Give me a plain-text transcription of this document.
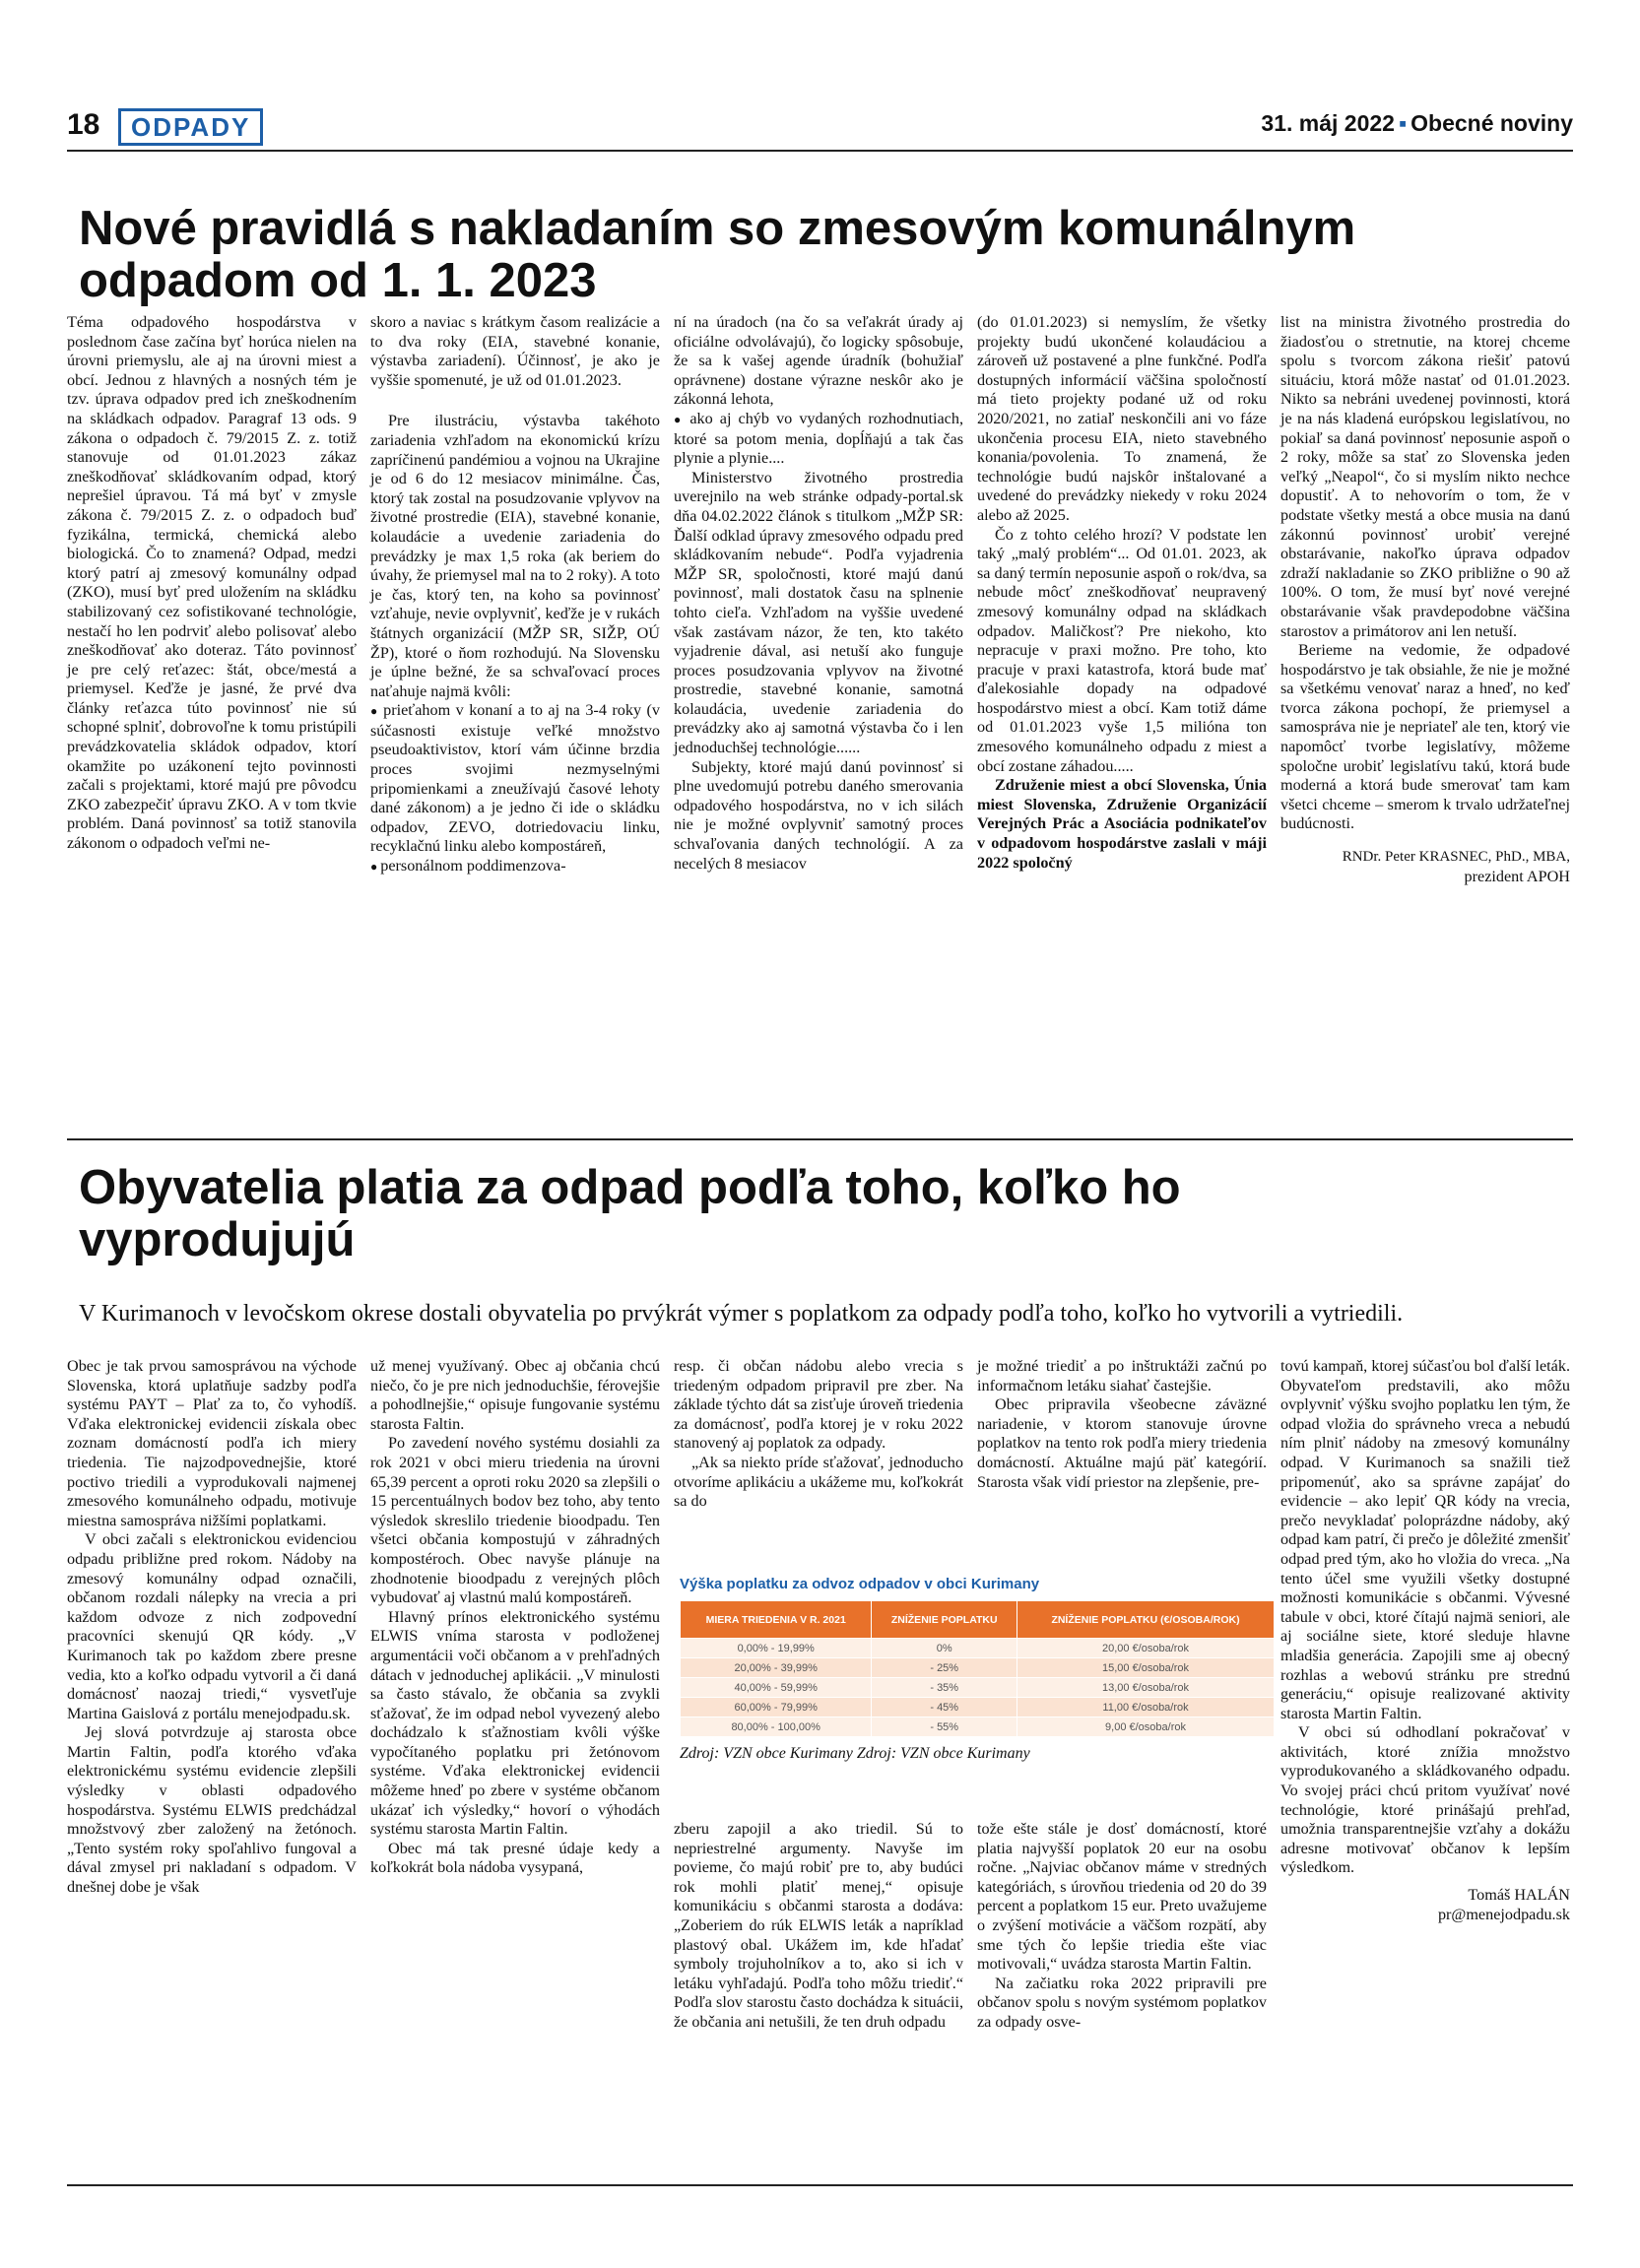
18	ODPADY	31. máj 2022 ▪ Obecné noviny
Nové pravidlá s nakladaním so zmesovým komunálnym
odpadom od 1. 1. 2023

Téma odpadového hospodárstva v poslednom čase začína byť horúca nielen na úrovni priemyslu, ale aj na úrovni miest a obcí. Jednou z hlavných a nosných tém je tzv. úprava odpadov pred ich zneškodnením na skládkach odpadov. Paragraf 13 ods. 9 zákona o odpadoch č. 79/2015 Z. z. totiž stanovuje od 01.01.2023 zákaz zneškodňovať skládkovaním odpad, ktorý neprešiel úpravou. Tá má byť v zmysle zákona č. 79/2015 Z. z. o odpadoch buď fyzikálna, termická, chemická alebo biologická. Čo to znamená? Odpad, medzi ktorý patrí aj zmesový komunálny odpad (ZKO), musí byť pred uložením na skládku stabilizovaný cez sofistikované technológie, nestačí ho len podrviť alebo polisovať alebo zneškodňovať ako doteraz. Táto povinnosť je pre celý reťazec: štát, obce/mestá a priemysel. Keďže je jasné, že prvé dva články reťazca túto povinnosť nie sú schopné splniť, dobrovoľne k tomu pristúpili prevádzkovatelia skládok odpadov, ktorí okamžite po uzákonení tejto povinnosti začali s projektami, ktoré majú pre pôvodcu ZKO zabezpečiť úpravu ZKO. A v tom tkvie problém. Daná povinnosť sa totiž stanovila zákonom o odpadoch veľmi ne-

skoro a naviac s krátkym časom realizácie a to dva roky (EIA, stavebné konanie, výstavba zariadení). Účinnosť, je ako je vyššie spomenuté, je už od 01.01.2023.

Pre ilustráciu, výstavba takéhoto zariadenia vzhľadom na ekonomickú krízu zapríčinenú pandémiou a vojnou na Ukrajine je od 6 do 12 mesiacov minimálne. Čas, ktorý tak zostal na posudzovanie vplyvov na životné prostredie (EIA), stavebné konanie, kolaudácie a uvedenie zariadenia do prevádzky je max 1,5 roka (ak beriem do úvahy, že priemysel mal na to 2 roky). A toto je čas, ktorý ten, na koho sa povinnosť vzťahuje, nevie ovplyvniť, keďže je v rukách štátnych organizácií (MŽP SR, SIŽP, OÚ ŽP), ktoré o ňom rozhodujú. Na Slovensku je úplne bežné, že sa schvaľovací proces naťahuje najmä kvôli:

● prieťahom v konaní a to aj na 3-4 roky (v súčasnosti existuje veľké množstvo pseudoaktivistov, ktorí vám účinne brzdia proces svojimi nezmyselnými pripomienkami a zneužívajú časové lehoty dané zákonom) a je jedno či ide o skládku odpadov, ZEVO, dotriedovaciu linku, recyklačnú linku alebo kompostáreň,

● personálnom poddimenzova-

ní na úradoch (na čo sa veľakrát úrady aj oficiálne odvolávajú), čo logicky spôsobuje, že sa k vašej agende úradník (bohužiaľ oprávnene) dostane výrazne neskôr ako je zákonná lehota,

● ako aj chýb vo vydaných rozhodnutiach, ktoré sa potom menia, dopĺňajú a tak čas plynie a plynie....

Ministerstvo životného prostredia uverejnilo na web stránke odpady-portal.sk dňa 04.02.2022 článok s titulkom „MŽP SR: Ďalší odklad úpravy zmesového odpadu pred skládkovaním nebude“. Podľa vyjadrenia MŽP SR, spoločnosti, ktoré majú danú povinnosť, mali dostatok času na splnenie tohto cieľa. Vzhľadom na vyššie uvedené však zastávam názor, že ten, kto takéto vyjadrenie dával, asi netuší ako funguje proces posudzovania vplyvov na životné prostredie, stavebné konanie, samotná kolaudácia, uvedenie zariadenia do prevádzky ako aj samotná výstavba čo i len jednoduchšej technológie......

Subjekty, ktoré majú danú povinnosť si plne uvedomujú potrebu daného smerovania odpadového hospodárstva, no v ich silách nie je možné ovplyvniť samotný proces schvaľovania daných technológií. A za necelých 8 mesiacov

(do 01.01.2023) si nemyslím, že všetky projekty budú ukončené kolaudáciou a zároveň už postavené a plne funkčné. Podľa dostupných informácií väčšina spoločností má tieto projekty podané už od roku 2020/2021, no zatiaľ neskončili ani vo fáze ukončenia procesu EIA, nieto stavebného konania/povolenia. To znamená, že technológie budú najskôr inštalované a uvedené do prevádzky niekedy v roku 2024 alebo až 2025.

Čo z tohto celého hrozí? V podstate len taký „malý problém“... Od 01.01. 2023, ak sa daný termín neposunie aspoň o rok/dva, sa nebude môcť zneškodňovať neupravený zmesový komunálny odpad na skládkach odpadov. Maličkosť? Pre niekoho, kto nepracuje v praxi možno. Pre toho, kto pracuje v praxi katastrofa, ktorá bude mať ďalekosiahle dopady na odpadové hospodárstvo miest a obcí. Kam totiž dáme od 01.01.2023 vyše 1,5 milióna ton zmesového komunálneho odpadu z miest a obcí zostane záhadou.....

Združenie miest a obcí Slovenska, Únia miest Slovenska, Združenie Organizácií Verejných Prác a Asociácia podnikateľov v odpadovom hospodárstve zaslali v máji 2022 spoločný

list na ministra životného prostredia do žiadosťou o stretnutie, na ktorej chceme spolu s tvorcom zákona riešiť patovú situáciu, ktorá môže nastať od 01.01.2023. Nikto sa nebráni uvedenej povinnosti, ktorá je na nás kladená európskou legislatívou, no pokiaľ sa daná povinnosť neposunie aspoň o 2 roky, môže sa stať zo Slovenska jeden veľký „Neapol“, čo si myslím nikto nechce dopustiť. A to nehovorím o tom, že v podstate všetky mestá a obce musia na danú zákonnú povinnosť urobiť verejné obstarávanie, nakoľko úprava odpadov zdraží nakladanie so ZKO približne o 90 až 100%. O tom, že musí byť nové verejné obstarávanie však pravdepodobne väčšina starostov a primátorov ani len netuší.

Berieme na vedomie, že odpadové hospodárstvo je tak obsiahle, že nie je možné sa všetkému venovať naraz a hneď, no keď tvorca zákona pochopí, že priemysel a samospráva nie je nepriateľ ale ten, ktorý vie napomôcť tvorbe legislatívy, môžeme spoločne urobiť legislatívu takú, ktorá bude moderná a ktorá bude smerovať tam kam všetci chceme – smerom k trvalo udržateľnej budúcnosti.

RNDr. Peter KRASNEC, PhD., MBA,
prezident APOH
Obyvatelia platia za odpad podľa toho, koľko ho
vyprodujujú
V Kurimanoch v levočskom okrese dostali obyvatelia po prvýkrát výmer s poplatkom za odpady podľa toho, koľko ho vytvorili a vytriedili.

Obec je tak prvou samosprávou na východe Slovenska, ktorá uplatňuje sadzby podľa systému PAYT – Plať za to, čo vyhodíš. Vďaka elektronickej evidencii získala obec zoznam domácností podľa ich miery triedenia. Tie najzodpovednejšie, ktoré poctivo triedili a vyprodukovali najmenej zmesového komunálneho odpadu, motivuje miestna samospráva nižšími poplatkami.

V obci začali s elektronickou evidenciou odpadu približne pred rokom. Nádoby na zmesový komunálny odpad označili, občanom rozdali nálepky na vrecia a pri každom odvoze z nich zodpovední pracovníci skenujú QR kódy. „V Kurimanoch tak po každom zbere presne vedia, kto a koľko odpadu vytvoril a či daná domácnosť naozaj triedi,“ vysvetľuje Martina Gaislová z portálu menejodpadu.sk.

Jej slová potvrdzuje aj starosta obce Martin Faltin, podľa ktorého vďaka elektronickému systému evidencie zlepšili výsledky v oblasti odpadového hospodárstva. Systému ELWIS predchádzal množstvový zber založený na žetónoch. „Tento systém roky spoľahlivo fungoval a dával zmysel pri nakladaní s odpadom. V dnešnej dobe je však

už menej využívaný. Obec aj občania chcú niečo, čo je pre nich jednoduchšie, férovejšie a pohodlnejšie,“ opisuje fungovanie systému starosta Faltin.

Po zavedení nového systému dosiahli za rok 2021 v obci mieru triedenia na úrovni 65,39 percent a oproti roku 2020 sa zlepšili o 15 percentuálnych bodov bez toho, aby tento výsledok skreslilo triedenie bioodpadu. Ten všetci občania kompostujú v záhradných kompostéroch. Obec navyše plánuje na zhodnotenie bioodpadu z verejných plôch vybudovať aj vlastnú malú kompostáreň.

Hlavný prínos elektronického systému ELWIS vníma starosta v podloženej argumentácii voči občanom a v prehľadných dátach v jednoduchej aplikácii. „V minulosti sa často stávalo, že občania sa zvykli sťažovať, že im odpad nebol vyvezený alebo dochádzalo k sťažnostiam kvôli výške vypočítaného poplatku pri žetónovom systéme. Vďaka elektronickej evidencii môžeme hneď po zbere v systéme občanom ukázať ich výsledky,“ hovorí o výhodách systému starosta Martin Faltin.

Obec má tak presné údaje kedy a koľkokrát bola nádoba vysypaná,

resp. či občan nádobu alebo vrecia s triedeným odpadom pripravil pre zber. Na základe týchto dát sa zisťuje úroveň triedenia za domácnosť, podľa ktorej je v roku 2022 stanovený aj poplatok za odpady.

„Ak sa niekto príde sťažovať, jednoducho otvoríme aplikáciu a ukážeme mu, koľkokrát sa do

je možné triediť a po inštruktáži začnú po informačnom letáku siahať častejšie.

Obec pripravila všeobecne záväzné nariadenie, v ktorom stanovuje úrovne poplatkov na tento rok podľa miery triedenia domácností. Aktuálne majú päť kategórií. Starosta však vidí priestor na zlepšenie, pre-

tovú kampaň, ktorej súčasťou bol ďalší leták. Obyvateľom predstavili, ako môžu ovplyvniť výšku svojho poplatku len tým, že odpad vložia do správneho vreca a nebudú ním plniť nádoby na zmesový komunálny odpad. V Kurimanoch sa snažili tiež pripomenúť, ako sa správne zapájať do evidencie – ako lepiť QR kódy na vrecia, prečo nevykladať poloprázdne nádoby, aký odpad kam patrí, či prečo je dôležité zmenšiť odpad pred tým, ako ho vložia do vreca. „Na tento účel sme využili všetky dostupné možnosti komunikácie s občanmi. Vývesné tabule v obci, ktoré čítajú najmä seniori, ale aj sociálne siete, ktoré sleduje hlavne mladšia generácia. Zapojili sme aj obecný rozhlas a webovú stránku pre strednú generáciu,“ opisuje realizované aktivity starosta Martin Faltin.

V obci sú odhodlaní pokračovať v aktivitách, ktoré znížia množstvo vyprodukovaného a skládkovaného odpadu. Vo svojej práci chcú pritom využívať nové technológie, ktoré prinášajú prehľad, umožnia transparentnejšie vzťahy a dokážu adresne motivovať občanov k lepším výsledkom.

Tomáš HALÁN
pr@menejodpadu.sk
Výška poplatku za odvoz odpadov v obci Kurimany
MIERA TRIEDENIA V R. 2021	ZNÍŽENIE POPLATKU	ZNÍŽENIE POPLATKU (€/OSOBA/ROK)
0,00% - 19,99%	0%	20,00 €/osoba/rok
20,00% - 39,99%	- 25%	15,00 €/osoba/rok
40,00% - 59,99%	- 35%	13,00 €/osoba/rok
60,00% - 79,99%	- 45%	11,00 €/osoba/rok
80,00% - 100,00%	- 55%	9,00 €/osoba/rok
Zdroj: VZN obce Kurimany Zdroj: VZN obce Kurimany

zberu zapojil a ako triedil. Sú to nepriestrelné argumenty. Navyše im povieme, čo majú robiť pre to, aby budúci rok mohli platiť menej,“ opisuje komunikáciu s občanmi starosta a dodáva: „Zoberiem do rúk ELWIS leták a napríklad plastový obal. Ukážem im, kde hľadať symboly trojuholníkov a to, ako si ich v letáku vyhľadajú. Podľa toho môžu triediť.“ Podľa slov starostu často dochádza k situácii, že občania ani netušili, že ten druh odpadu

tože ešte stále je dosť domácností, ktoré platia najvyšší poplatok 20 eur na osobu ročne. „Najviac občanov máme v stredných kategóriách, s úrovňou triedenia od 20 do 39 percent a poplatkom 15 eur. Preto uvažujeme o zvýšení motivácie a väčšom rozpätí, aby sme tých čo lepšie triedia ešte viac motivovali,“ uvádza starosta Martin Faltin.

Na začiatku roka 2022 pripravili pre občanov spolu s novým systémom poplatkov za odpady osve-
